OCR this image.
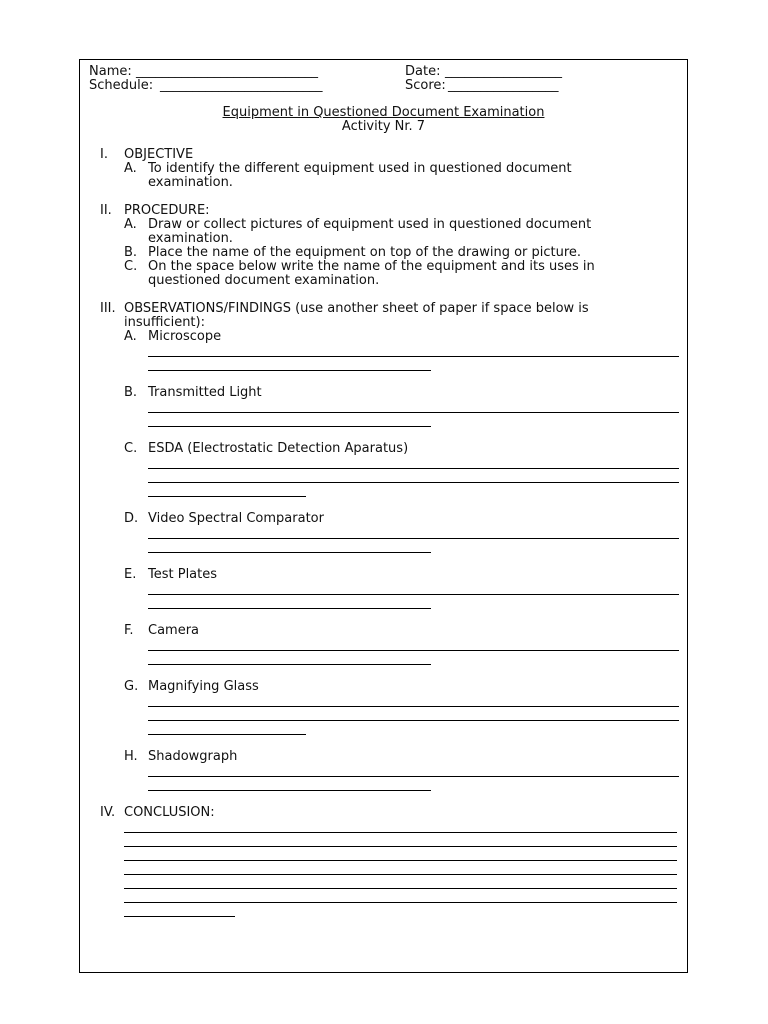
Name: ____________________________	Date: __________________
Schedule: _________________________	Score: _________________
Equipment in Questioned Document Examination
Activity Nr. 7
I. OBJECTIVE
A. To identify the different equipment used in questioned document
examination.
II. PROCEDURE:
A. Draw or collect pictures of equipment used in questioned document
examination.
B. Place the name of the equipment on top of the drawing or picture.
C. On the space below write the name of the equipment and its uses in
questioned document examination.
III. OBSERVATIONS/FINDINGS (use another sheet of paper if space below is
insufficient):
A. Microscope
B. Transmitted Light
C. ESDA (Electrostatic Detection Aparatus)
D. Video Spectral Comparator
E. Test Plates
F. Camera
G. Magnifying Glass
H. Shadowgraph
IV. CONCLUSION:
